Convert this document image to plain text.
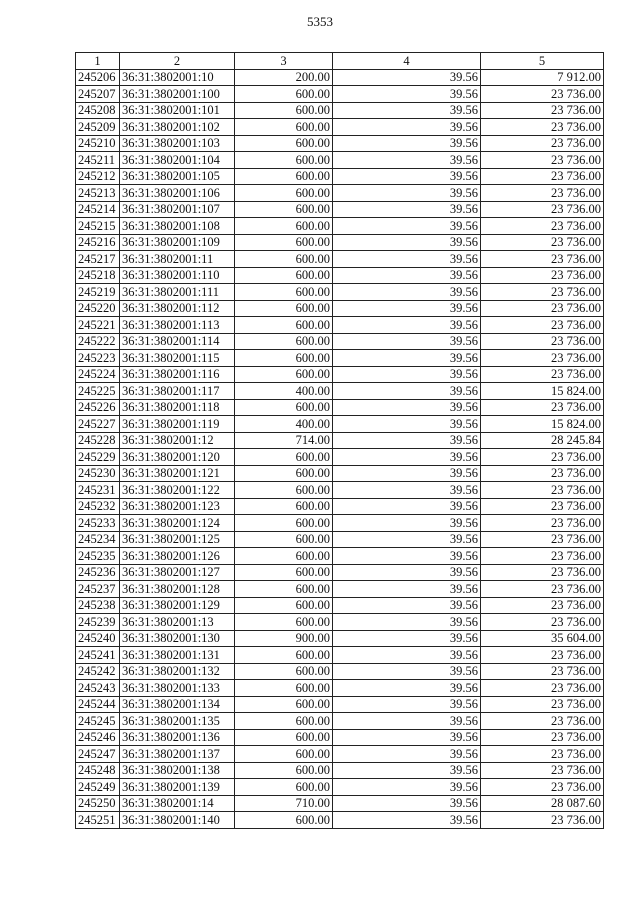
5353
1	2	3	4	5
245206	36:31:3802001:10	200.00	39.56	7 912.00
245207	36:31:3802001:100	600.00	39.56	23 736.00
245208	36:31:3802001:101	600.00	39.56	23 736.00
245209	36:31:3802001:102	600.00	39.56	23 736.00
245210	36:31:3802001:103	600.00	39.56	23 736.00
245211	36:31:3802001:104	600.00	39.56	23 736.00
245212	36:31:3802001:105	600.00	39.56	23 736.00
245213	36:31:3802001:106	600.00	39.56	23 736.00
245214	36:31:3802001:107	600.00	39.56	23 736.00
245215	36:31:3802001:108	600.00	39.56	23 736.00
245216	36:31:3802001:109	600.00	39.56	23 736.00
245217	36:31:3802001:11	600.00	39.56	23 736.00
245218	36:31:3802001:110	600.00	39.56	23 736.00
245219	36:31:3802001:111	600.00	39.56	23 736.00
245220	36:31:3802001:112	600.00	39.56	23 736.00
245221	36:31:3802001:113	600.00	39.56	23 736.00
245222	36:31:3802001:114	600.00	39.56	23 736.00
245223	36:31:3802001:115	600.00	39.56	23 736.00
245224	36:31:3802001:116	600.00	39.56	23 736.00
245225	36:31:3802001:117	400.00	39.56	15 824.00
245226	36:31:3802001:118	600.00	39.56	23 736.00
245227	36:31:3802001:119	400.00	39.56	15 824.00
245228	36:31:3802001:12	714.00	39.56	28 245.84
245229	36:31:3802001:120	600.00	39.56	23 736.00
245230	36:31:3802001:121	600.00	39.56	23 736.00
245231	36:31:3802001:122	600.00	39.56	23 736.00
245232	36:31:3802001:123	600.00	39.56	23 736.00
245233	36:31:3802001:124	600.00	39.56	23 736.00
245234	36:31:3802001:125	600.00	39.56	23 736.00
245235	36:31:3802001:126	600.00	39.56	23 736.00
245236	36:31:3802001:127	600.00	39.56	23 736.00
245237	36:31:3802001:128	600.00	39.56	23 736.00
245238	36:31:3802001:129	600.00	39.56	23 736.00
245239	36:31:3802001:13	600.00	39.56	23 736.00
245240	36:31:3802001:130	900.00	39.56	35 604.00
245241	36:31:3802001:131	600.00	39.56	23 736.00
245242	36:31:3802001:132	600.00	39.56	23 736.00
245243	36:31:3802001:133	600.00	39.56	23 736.00
245244	36:31:3802001:134	600.00	39.56	23 736.00
245245	36:31:3802001:135	600.00	39.56	23 736.00
245246	36:31:3802001:136	600.00	39.56	23 736.00
245247	36:31:3802001:137	600.00	39.56	23 736.00
245248	36:31:3802001:138	600.00	39.56	23 736.00
245249	36:31:3802001:139	600.00	39.56	23 736.00
245250	36:31:3802001:14	710.00	39.56	28 087.60
245251	36:31:3802001:140	600.00	39.56	23 736.00
